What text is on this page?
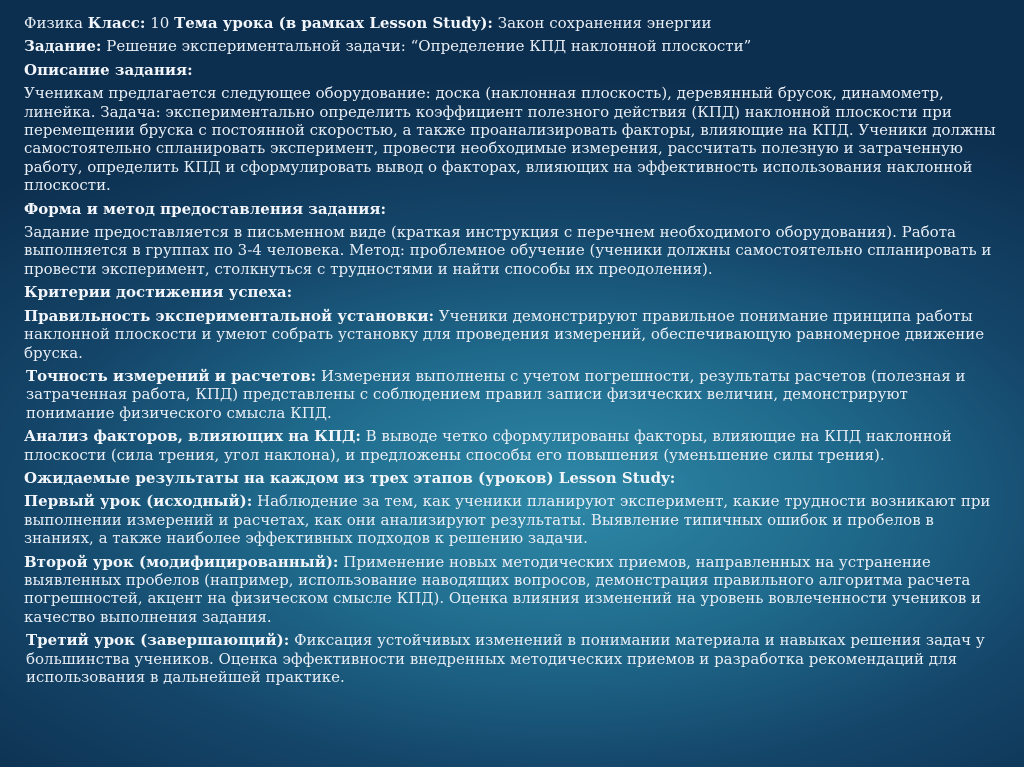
Физика Класс: 10 Тема урока (в рамках Lesson Study): Закон сохранения энергии

Задание: Решение экспериментальной задачи: “Определение КПД наклонной плоскости”

Описание задания:

Ученикам предлагается следующее оборудование: доска (наклонная плоскость), деревянный брусок, динамометр, линейка. Задача: экспериментально определить коэффициент полезного действия (КПД) наклонной плоскости при перемещении бруска с постоянной скоростью, а также проанализировать факторы, влияющие на КПД. Ученики должны самостоятельно спланировать эксперимент, провести необходимые измерения, рассчитать полезную и затраченную работу, определить КПД и сформулировать вывод о факторах, влияющих на эффективность использования наклонной плоскости.

Форма и метод предоставления задания:

Задание предоставляется в письменном виде (краткая инструкция с перечнем необходимого оборудования). Работа выполняется в группах по 3-4 человека. Метод: проблемное обучение (ученики должны самостоятельно спланировать и провести эксперимент, столкнуться с трудностями и найти способы их преодоления).

Критерии достижения успеха:

Правильность экспериментальной установки: Ученики демонстрируют правильное понимание принципа работы наклонной плоскости и умеют собрать установку для проведения измерений, обеспечивающую равномерное движение бруска.

Точность измерений и расчетов: Измерения выполнены с учетом погрешности, результаты расчетов (полезная и затраченная работа, КПД) представлены с соблюдением правил записи физических величин, демонстрируют понимание физического смысла КПД.

Анализ факторов, влияющих на КПД: В выводе четко сформулированы факторы, влияющие на КПД наклонной плоскости (сила трения, угол наклона), и предложены способы его повышения (уменьшение силы трения).

Ожидаемые результаты на каждом из трех этапов (уроков) Lesson Study:

Первый урок (исходный): Наблюдение за тем, как ученики планируют эксперимент, какие трудности возникают при выполнении измерений и расчетах, как они анализируют результаты. Выявление типичных ошибок и пробелов в знаниях, а также наиболее эффективных подходов к решению задачи.

Второй урок (модифицированный): Применение новых методических приемов, направленных на устранение выявленных пробелов (например, использование наводящих вопросов, демонстрация правильного алгоритма расчета погрешностей, акцент на физическом смысле КПД). Оценка влияния изменений на уровень вовлеченности учеников и качество выполнения задания.

Третий урок (завершающий): Фиксация устойчивых изменений в понимании материала и навыках решения задач у большинства учеников. Оценка эффективности внедренных методических приемов и разработка рекомендаций для использования в дальнейшей практике.
